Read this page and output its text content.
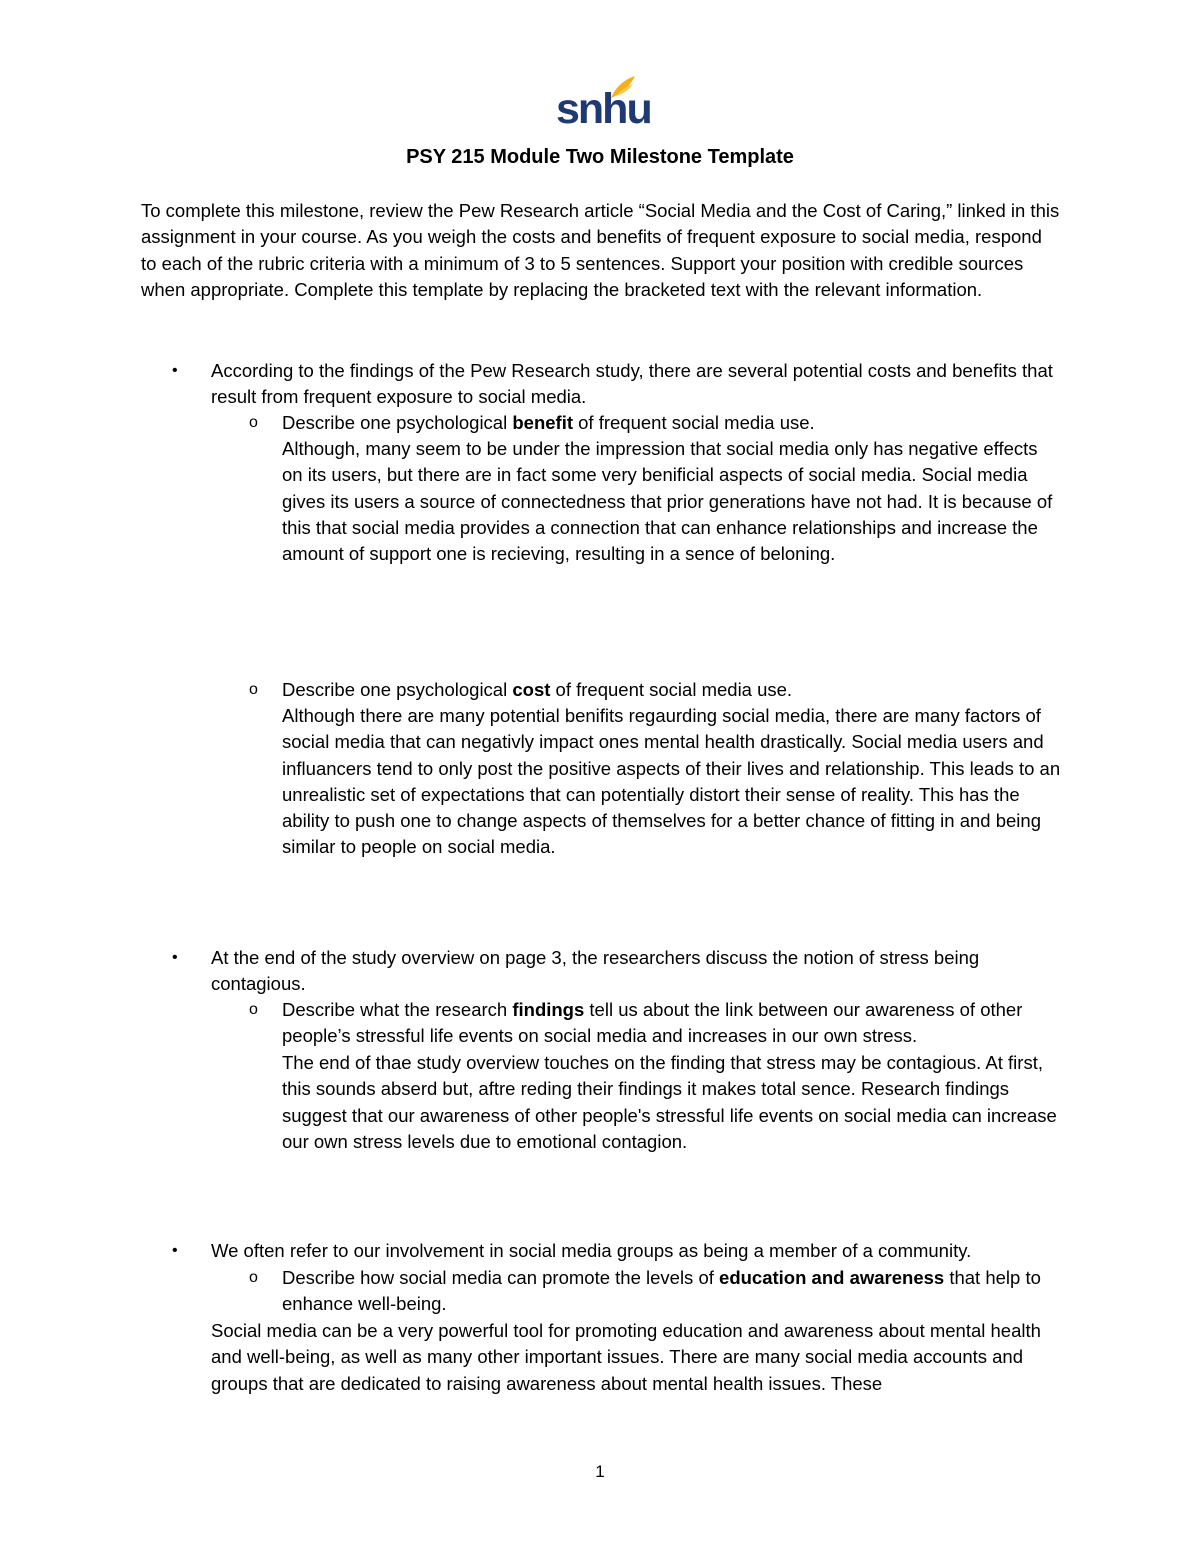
snhu
PSY 215 Module Two Milestone Template

To complete this milestone, review the Pew Research article “Social Media and the Cost of Caring,” linked in this assignment in your course. As you weigh the costs and benefits of frequent exposure to social media, respond to each of the rubric criteria with a minimum of 3 to 5 sentences. Support your position with credible sources when appropriate. Complete this template by replacing the bracketed text with the relevant information.

• According to the findings of the Pew Research study, there are several potential costs and benefits that result from frequent exposure to social media.

o Describe one psychological benefit of frequent social media use.

Although, many seem to be under the impression that social media only has negative effects on its users, but there are in fact some very benificial aspects of social media. Social media gives its users a source of connectedness that prior generations have not had. It is because of this that social media provides a connection that can enhance relationships and increase the amount of support one is recieving, resulting in a sence of beloning.

o Describe one psychological cost of frequent social media use.

Although there are many potential benifits regaurding social media, there are many factors of social media that can negativly impact ones mental health drastically. Social media users and influancers tend to only post the positive aspects of their lives and relationship. This leads to an unrealistic set of expectations that can potentially distort their sense of reality. This has the ability to push one to change aspects of themselves for a better chance of fitting in and being similar to people on social media.

• At the end of the study overview on page 3, the researchers discuss the notion of stress being contagious.

o Describe what the research findings tell us about the link between our awareness of other people’s stressful life events on social media and increases in our own stress.

The end of thae study overview touches on the finding that stress may be contagious. At first, this sounds abserd but, aftre reding their findings it makes total sence. Research findings suggest that our awareness of other people's stressful life events on social media can increase our own stress levels due to emotional contagion.

• We often refer to our involvement in social media groups as being a member of a community.

o Describe how social media can promote the levels of education and awareness that help to enhance well-being.

Social media can be a very powerful tool for promoting education and awareness about mental health and well-being, as well as many other important issues. There are many social media accounts and groups that are dedicated to raising awareness about mental health issues. These

1
